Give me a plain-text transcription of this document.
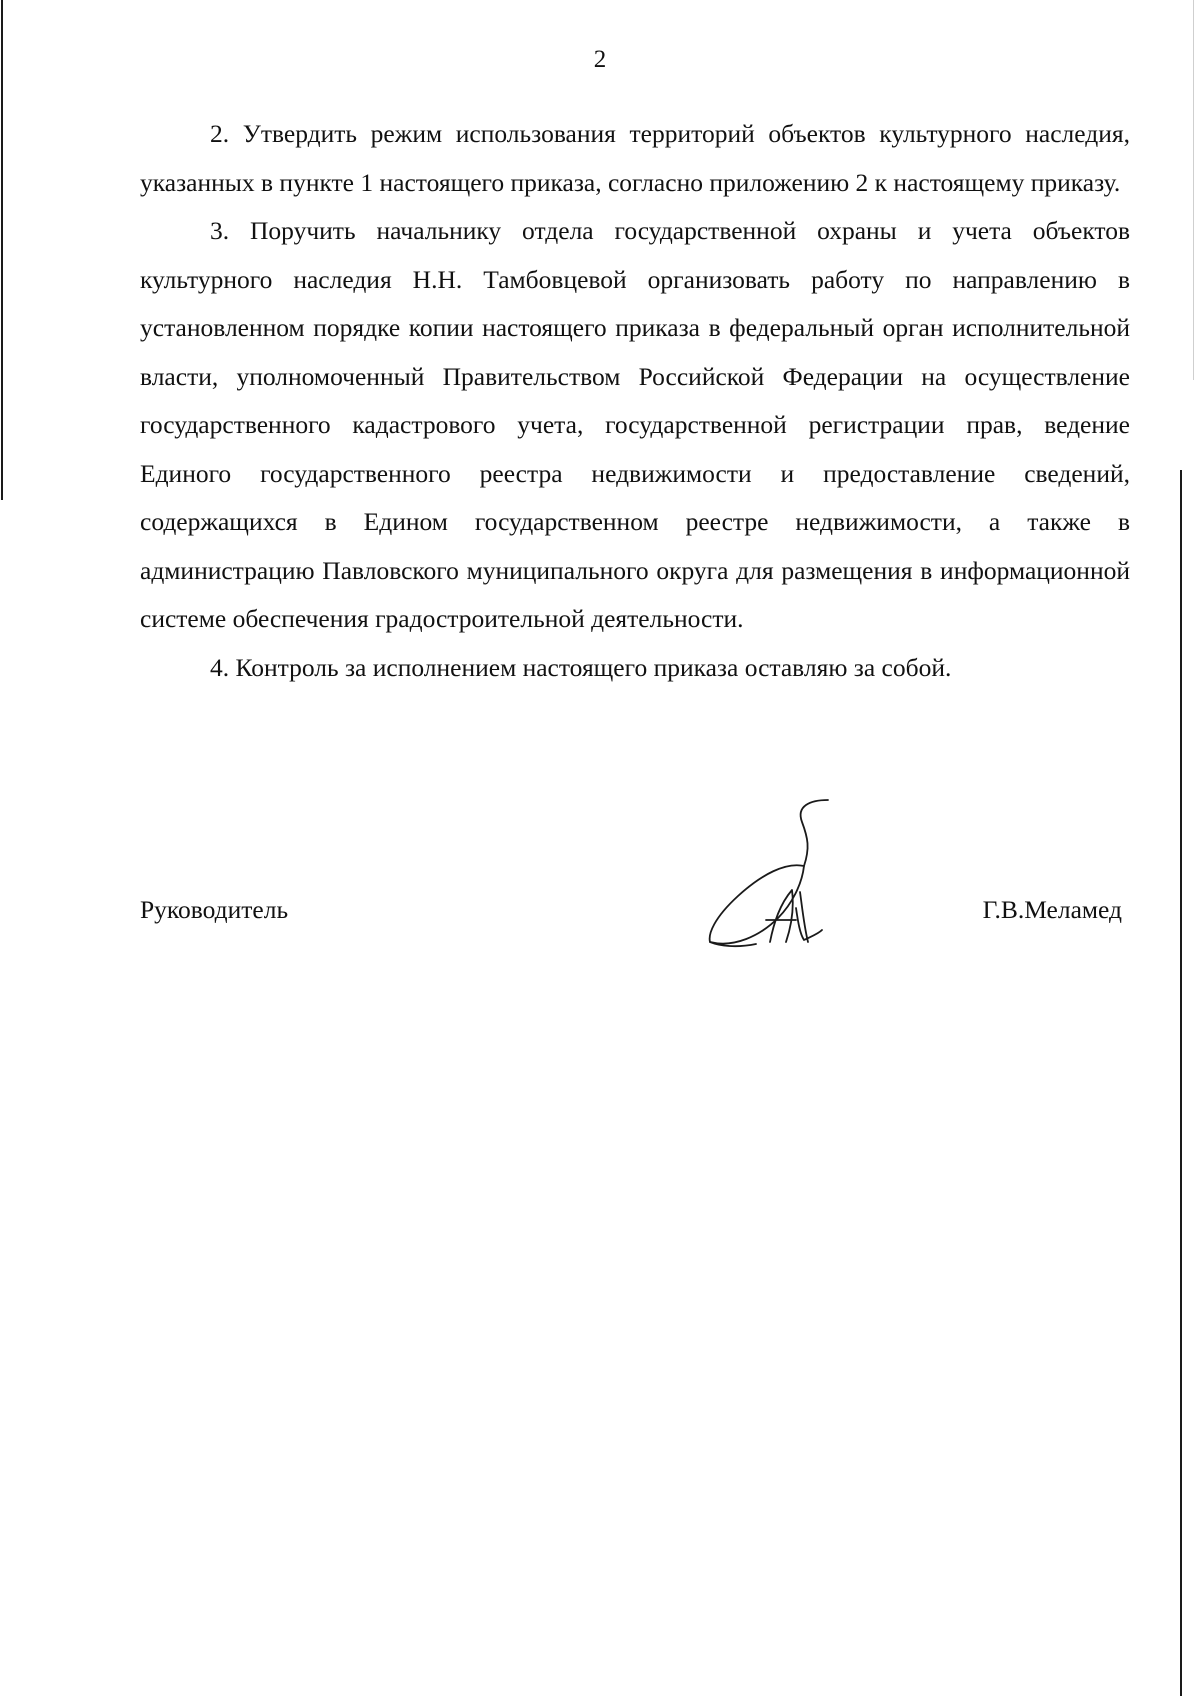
2

2. Утвердить режим использования территорий объектов культурного наследия, указанных в пункте 1 настоящего приказа, согласно приложению 2 к настоящему приказу.

3. Поручить начальнику отдела государственной охраны и учета объектов культурного наследия Н.Н. Тамбовцевой организовать работу по направлению в установленном порядке копии настоящего приказа в федеральный орган исполнительной власти, уполномоченный Правительством Российской Федерации на осуществление государственного кадастрового учета, государственной регистрации прав, ведение Единого государственного реестра недвижимости и предоставление сведений, содержащихся в Едином государственном реестре недвижимости, а также в администрацию Павловского муниципального округа для размещения в информационной системе обеспечения градостроительной деятельности.

4. Контроль за исполнением настоящего приказа оставляю за собой.

Руководитель	Г.В.Меламед
